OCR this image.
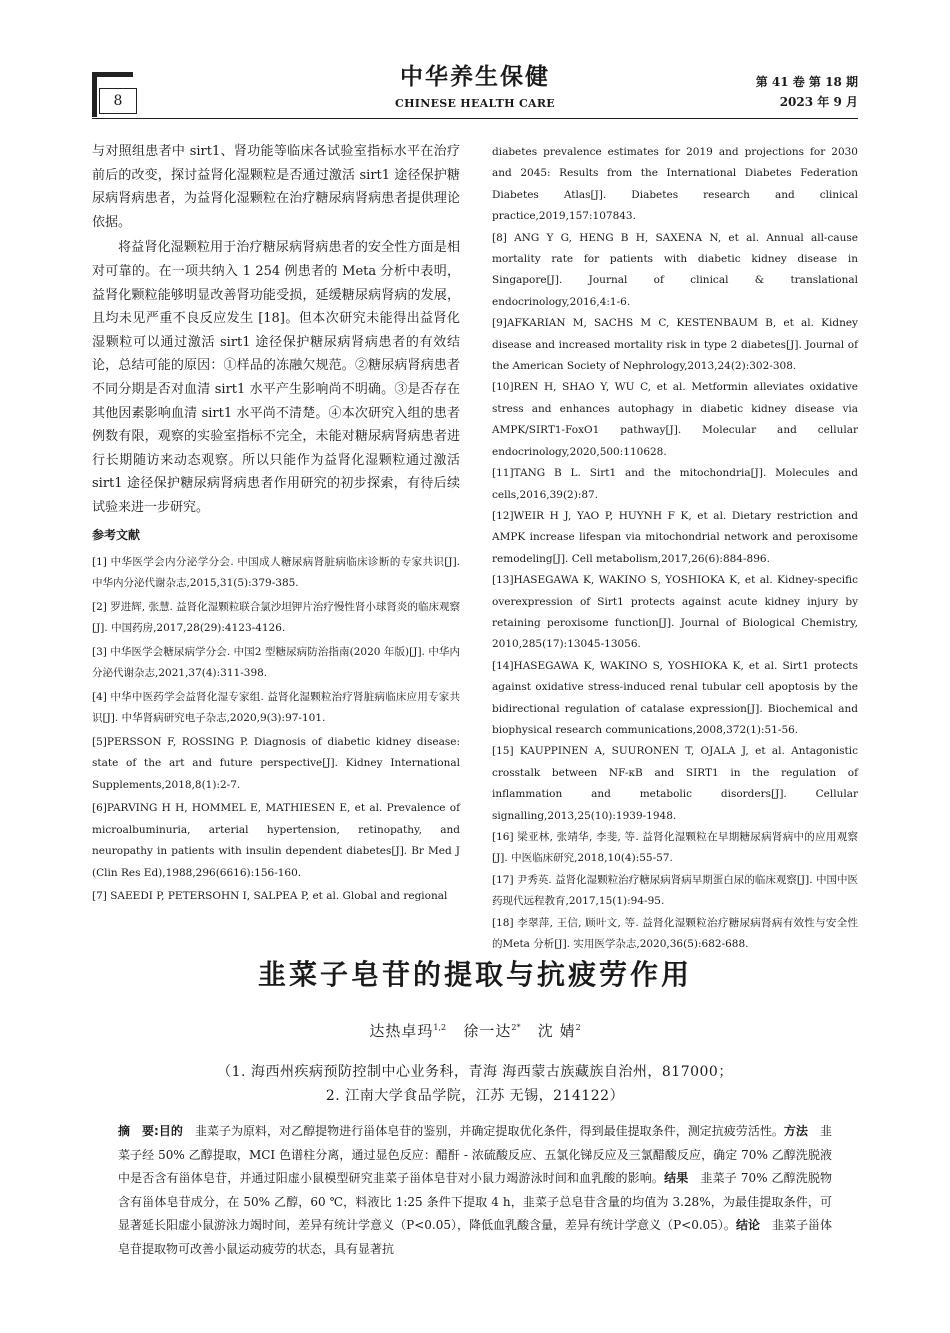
8
中华养生保健
CHINESE HEALTH CARE
第 41 卷 第 18 期
2023 年 9 月

与对照组患者中 sirt1、肾功能等临床各试验室指标水平在治疗前后的改变，探讨益肾化湿颗粒是否通过激活 sirt1 途径保护糖尿病肾病患者，为益肾化湿颗粒在治疗糖尿病肾病患者提供理论依据。

将益肾化湿颗粒用于治疗糖尿病肾病患者的安全性方面是相对可靠的。在一项共纳入 1 254 例患者的 Meta 分析中表明，益肾化颗粒能够明显改善肾功能受损，延缓糖尿病肾病的发展，且均未见严重不良反应发生 [18]。但本次研究未能得出益肾化湿颗粒可以通过激活 sirt1 途径保护糖尿病肾病患者的有效结论，总结可能的原因：①样品的冻融欠规范。②糖尿病肾病患者不同分期是否对血清 sirt1 水平产生影响尚不明确。③是否存在其他因素影响血清 sirt1 水平尚不清楚。④本次研究入组的患者例数有限，观察的实验室指标不完全，未能对糖尿病肾病患者进行长期随访来动态观察。所以只能作为益肾化湿颗粒通过激活 sirt1 途径保护糖尿病肾病患者作用研究的初步探索，有待后续试验来进一步研究。

参考文献

[1] 中华医学会内分泌学分会. 中国成人糖尿病肾脏病临床诊断的专家共识[J]. 中华内分泌代谢杂志,2015,31(5):379-385.

[2] 罗进辉, 张慧. 益肾化湿颗粒联合氯沙坦钾片治疗慢性肾小球肾炎的临床观察[J]. 中国药房,2017,28(29):4123-4126.

[3] 中华医学会糖尿病学分会. 中国2 型糖尿病防治指南(2020 年版)[J]. 中华内分泌代谢杂志,2021,37(4):311-398.

[4] 中华中医药学会益肾化湿专家组. 益肾化湿颗粒治疗肾脏病临床应用专家共识[J]. 中华肾病研究电子杂志,2020,9(3):97-101.

[5]PERSSON F, ROSSING P. Diagnosis of diabetic kidney disease: state of the art and future perspective[J]. Kidney International Supplements,2018,8(1):2-7.

[6]PARVING H H, HOMMEL E, MATHIESEN E, et al. Prevalence of microalbuminuria, arterial hypertension, retinopathy, and neuropathy in patients with insulin dependent diabetes[J]. Br Med J (Clin Res Ed),1988,296(6616):156-160.

[7] SAEEDI P, PETERSOHN I, SALPEA P, et al. Global and regional

diabetes prevalence estimates for 2019 and projections for 2030 and 2045: Results from the International Diabetes Federation Diabetes Atlas[J]. Diabetes research and clinical practice,2019,157:107843.

[8] ANG Y G, HENG B H, SAXENA N, et al. Annual all-cause mortality rate for patients with diabetic kidney disease in Singapore[J]. Journal of clinical & translational endocrinology,2016,4:1-6.

[9]AFKARIAN M, SACHS M C, KESTENBAUM B, et al. Kidney disease and increased mortality risk in type 2 diabetes[J]. Journal of the American Society of Nephrology,2013,24(2):302-308.

[10]REN H, SHAO Y, WU C, et al. Metformin alleviates oxidative stress and enhances autophagy in diabetic kidney disease via AMPK/SIRT1-FoxO1 pathway[J]. Molecular and cellular endocrinology,2020,500:110628.

[11]TANG B L. Sirt1 and the mitochondria[J]. Molecules and cells,2016,39(2):87.

[12]WEIR H J, YAO P, HUYNH F K, et al. Dietary restriction and AMPK increase lifespan via mitochondrial network and peroxisome remodeling[J]. Cell metabolism,2017,26(6):884-896.

[13]HASEGAWA K, WAKINO S, YOSHIOKA K, et al. Kidney-specific overexpression of Sirt1 protects against acute kidney injury by retaining peroxisome function[J]. Journal of Biological Chemistry, 2010,285(17):13045-13056.

[14]HASEGAWA K, WAKINO S, YOSHIOKA K, et al. Sirt1 protects against oxidative stress-induced renal tubular cell apoptosis by the bidirectional regulation of catalase expression[J]. Biochemical and biophysical research communications,2008,372(1):51-56.

[15] KAUPPINEN A, SUURONEN T, OJALA J, et al. Antagonistic crosstalk between NF-κB and SIRT1 in the regulation of inflammation and metabolic disorders[J]. Cellular signalling,2013,25(10):1939-1948.

[16] 梁亚林, 张靖华, 李斐, 等. 益肾化湿颗粒在早期糖尿病肾病中的应用观察[J]. 中医临床研究,2018,10(4):55-57.

[17] 尹秀英. 益肾化湿颗粒治疗糖尿病肾病早期蛋白尿的临床观察[J]. 中国中医药现代远程教育,2017,15(1):94-95.

[18] 李翠萍, 王信, 顾叶文, 等. 益肾化湿颗粒治疗糖尿病肾病有效性与安全性的Meta 分析[J]. 实用医学杂志,2020,36(5):682-688.

韭菜子皂苷的提取与抗疲劳作用
达热卓玛$^{1,2}$ 徐一达$^{2*}$ 沈 婧$^2$
（1. 海西州疾病预防控制中心业务科，青海 海西蒙古族藏族自治州，817000；
2. 江南大学食品学院，江苏 无锡，214122）

摘　要:目的　韭菜子为原料，对乙醇提物进行甾体皂苷的鉴别，并确定提取优化条件，得到最佳提取条件，测定抗疲劳活性。方法　韭菜子经 50% 乙醇提取，MCI 色谱柱分离，通过显色反应：醋酐 - 浓硫酸反应、五氯化锑反应及三氯醋酸反应，确定 70% 乙醇洗脱液中是否含有甾体皂苷，并通过阳虚小鼠模型研究韭菜子甾体皂苷对小鼠力竭游泳时间和血乳酸的影响。结果　韭菜子 70% 乙醇洗脱物含有甾体皂苷成分，在 50% 乙醇，60 ℃，料液比 1:25 条件下提取 4 h，韭菜子总皂苷含量的均值为 3.28%，为最佳提取条件，可显著延长阳虚小鼠游泳力竭时间，差异有统计学意义（P<0.05），降低血乳酸含量，差异有统计学意义（P<0.05）。结论　韭菜子甾体皂苷提取物可改善小鼠运动疲劳的状态，具有显著抗
